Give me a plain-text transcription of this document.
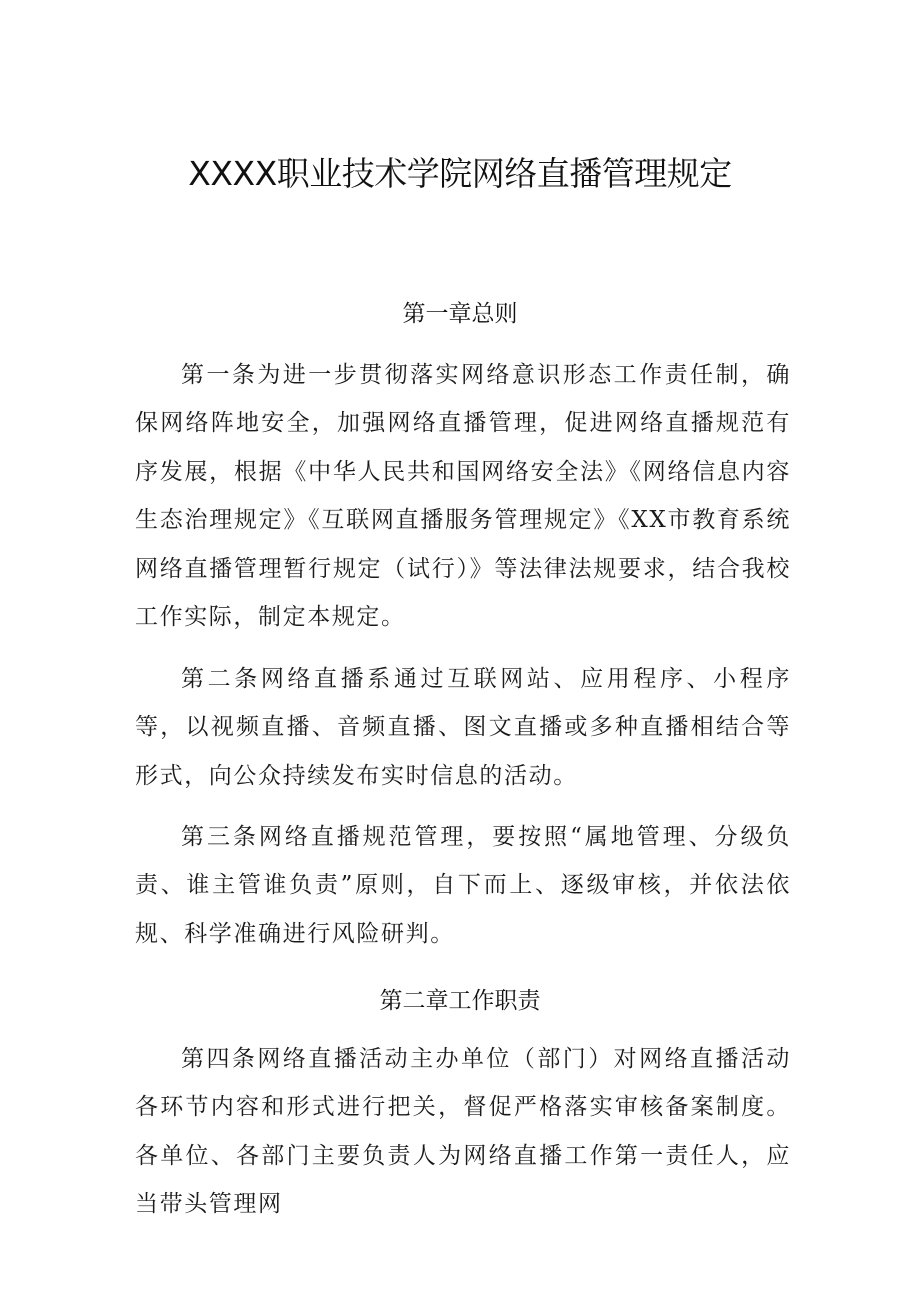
XXXX职业技术学院网络直播管理规定
第一章总则
第一条为进一步贯彻落实网络意识形态工作责任制，确保网络阵地安全，加强网络直播管理，促进网络直播规范有序发展，根据《中华人民共和国网络安全法》《网络信息内容生态治理规定》《互联网直播服务管理规定》《XX市教育系统网络直播管理暂行规定（试行）》等法律法规要求，结合我校工作实际，制定本规定。
第二条网络直播系通过互联网站、应用程序、小程序等，以视频直播、音频直播、图文直播或多种直播相结合等形式，向公众持续发布实时信息的活动。
第三条网络直播规范管理，要按照“属地管理、分级负责、谁主管谁负责”原则，自下而上、逐级审核，并依法依规、科学准确进行风险研判。
第二章工作职责
第四条网络直播活动主办单位（部门）对网络直播活动各环节内容和形式进行把关，督促严格落实审核备案制度。各单位、各部门主要负责人为网络直播工作第一责任人，应当带头管理网
